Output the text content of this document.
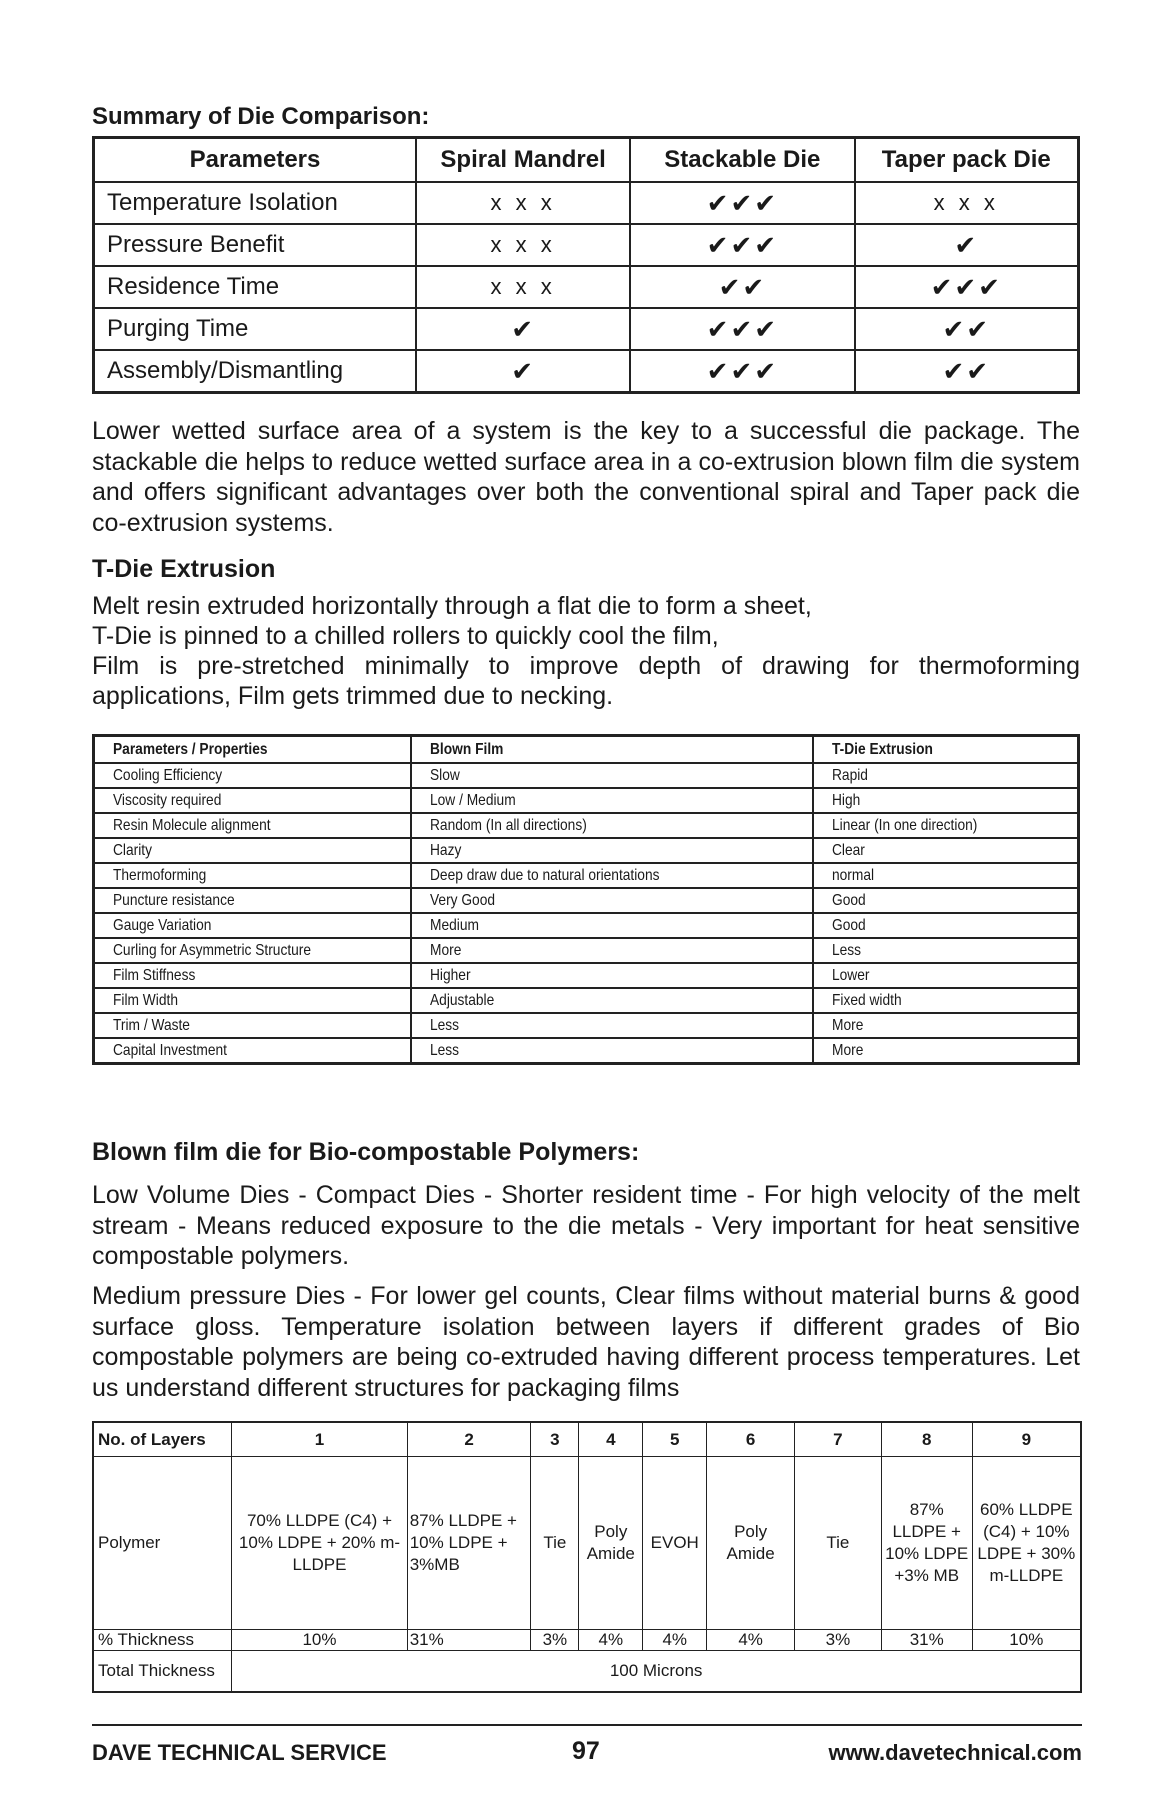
Summary of Die Comparison:
Parameters	Spiral Mandrel	Stackable Die	Taper pack Die
Temperature Isolation	x x x	✔✔✔	x x x
Pressure Benefit	x x x	✔✔✔	✔
Residence Time	x x x	✔✔	✔✔✔
Purging Time	✔	✔✔✔	✔✔
Assembly/Dismantling	✔	✔✔✔	✔✔
Lower wetted surface area of a system is the key to a successful die package. The stackable die helps to reduce wetted surface area in a co-extrusion blown film die system and offers significant advantages over both the conventional spiral and Taper pack die co-extrusion systems.
T-Die Extrusion
Melt resin extruded horizontally through a flat die to form a sheet,
T-Die is pinned to a chilled rollers to quickly cool the film,
Film is pre-stretched minimally to improve depth of drawing for thermoforming applications, Film gets trimmed due to necking.
Parameters / Properties	Blown Film	T-Die Extrusion
Cooling Efficiency	Slow	Rapid
Viscosity required	Low / Medium	High
Resin Molecule alignment	Random (In all directions)	Linear (In one direction)
Clarity	Hazy	Clear
Thermoforming	Deep draw due to natural orientations	normal
Puncture resistance	Very Good	Good
Gauge Variation	Medium	Good
Curling for Asymmetric Structure	More	Less
Film Stiffness	Higher	Lower
Film Width	Adjustable	Fixed width
Trim / Waste	Less	More
Capital Investment	Less	More
Blown film die for Bio-compostable Polymers:
Low Volume Dies - Compact Dies - Shorter resident time - For high velocity of the melt stream - Means reduced exposure to the die metals - Very important for heat sensitive compostable polymers.
Medium pressure Dies - For lower gel counts, Clear films without material burns & good surface gloss. Temperature isolation between layers if different grades of Bio compostable polymers are being co-extruded having different process temperatures. Let us understand different structures for packaging films
No. of Layers	1	2	3	4	5	6	7	8	9
Polymer	70% LLDPE (C4) + 10% LDPE + 20% m-LLDPE	87% LLDPE + 10% LDPE + 3%MB	Tie	Poly Amide	EVOH	Poly Amide	Tie	87% LLDPE + 10% LDPE +3% MB	60% LLDPE (C4) + 10% LDPE + 30% m-LLDPE
% Thickness	10%	31%	3%	4%	4%	4%	3%	31%	10%
Total Thickness	100 Microns								
DAVE TECHNICAL SERVICE	97	www.davetechnical.com
